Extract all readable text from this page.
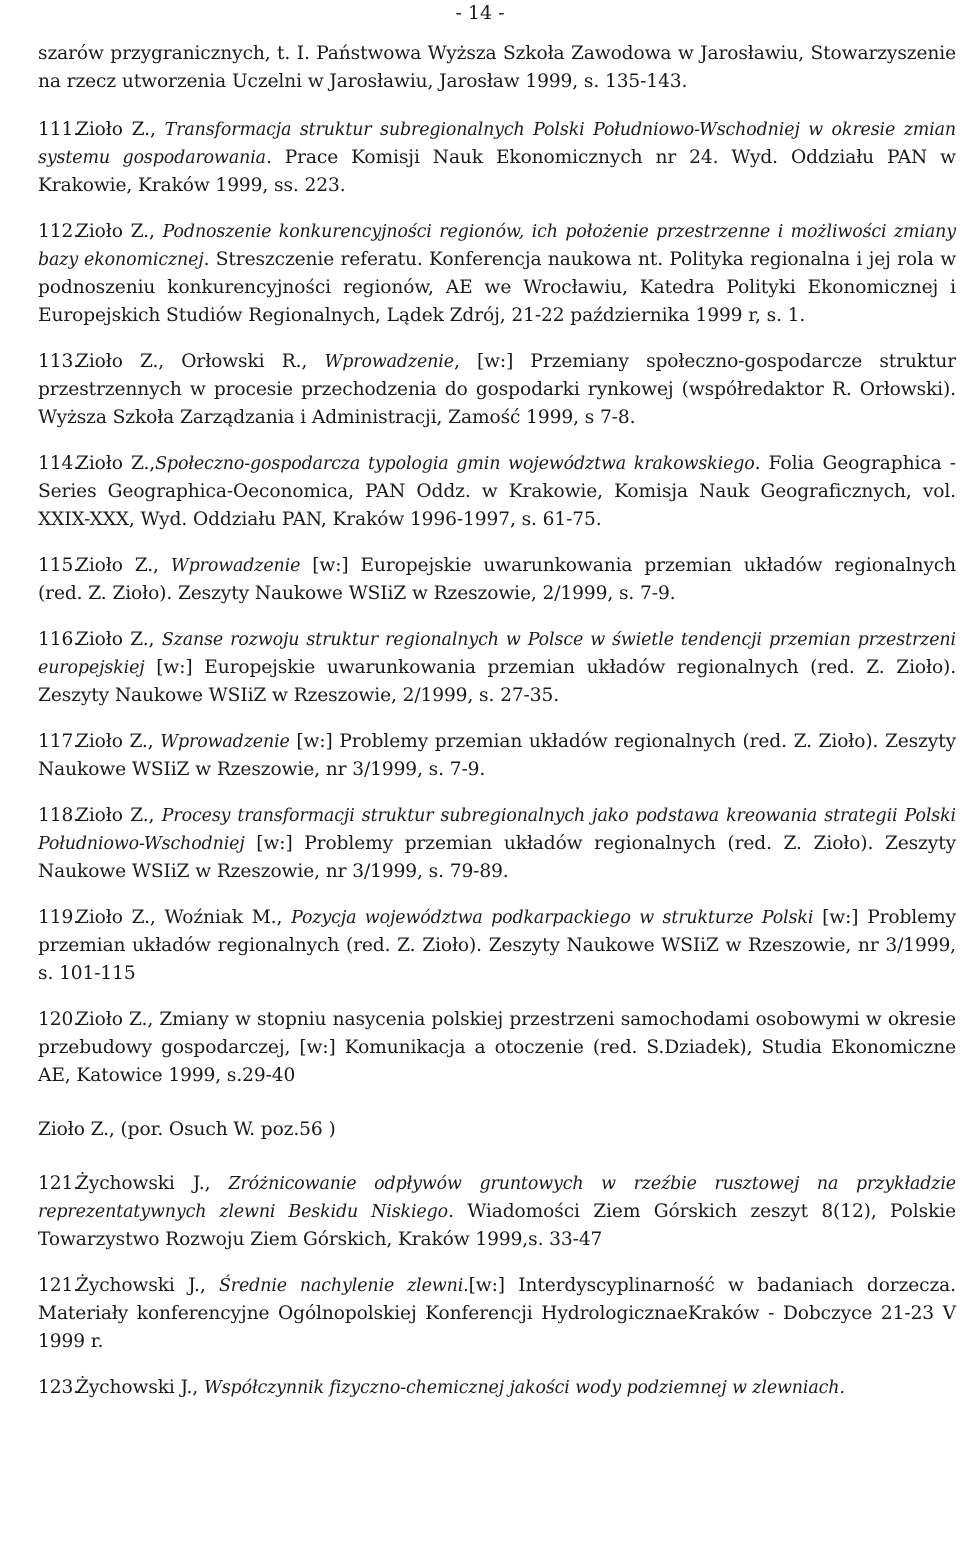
- 14 -

szarów przygranicznych, t. I. Państwowa Wyższa Szkoła Zawodowa w Jarosławiu, Stowarzyszenie na rzecz utworzenia Uczelni w Jarosławiu, Jarosław 1999, s. 135-143.

111.Zioło Z., Transformacja struktur subregionalnych Polski Południowo-Wschodniej w okresie zmian systemu gospodarowania. Prace Komisji Nauk Ekonomicznych nr 24. Wyd. Oddziału PAN w Krakowie, Kraków 1999, ss. 223.

112.Zioło Z., Podnoszenie konkurencyjności regionów, ich położenie przestrzenne i możliwości zmiany bazy ekonomicznej. Streszczenie referatu. Konferencja naukowa nt. Polityka regionalna i jej rola w podnoszeniu konkurencyjności regionów, AE we Wrocławiu, Katedra Polityki Ekonomicznej i Europejskich Studiów Regionalnych, Lądek Zdrój, 21-22 października 1999 r, s. 1.

113.Zioło Z., Orłowski R., Wprowadzenie, [w:] Przemiany społeczno-gospodarcze struktur przestrzennych w procesie przechodzenia do gospodarki rynkowej (współredaktor R. Orłowski). Wyższa Szkoła Zarządzania i Administracji, Zamość 1999, s 7-8.

114.Zioło Z.,Społeczno-gospodarcza typologia gmin województwa krakowskiego. Folia Geographica - Series Geographica-Oeconomica, PAN Oddz. w Krakowie, Komisja Nauk Geograficznych, vol. XXIX-XXX, Wyd. Oddziału PAN, Kraków 1996-1997, s. 61-75.

115.Zioło Z., Wprowadzenie [w:] Europejskie uwarunkowania przemian układów regionalnych (red. Z. Zioło). Zeszyty Naukowe WSIiZ w Rzeszowie, 2/1999, s. 7-9.

116.Zioło Z., Szanse rozwoju struktur regionalnych w Polsce w świetle tendencji przemian przestrzeni europejskiej [w:] Europejskie uwarunkowania przemian układów regionalnych (red. Z. Zioło). Zeszyty Naukowe WSIiZ w Rzeszowie, 2/1999, s. 27-35.

117.Zioło Z., Wprowadzenie [w:] Problemy przemian układów regionalnych (red. Z. Zioło). Zeszyty Naukowe WSIiZ w Rzeszowie, nr 3/1999, s. 7-9.

118.Zioło Z., Procesy transformacji struktur subregionalnych jako podstawa kreowania strategii Polski Południowo-Wschodniej [w:] Problemy przemian układów regionalnych (red. Z. Zioło). Zeszyty Naukowe WSIiZ w Rzeszowie, nr 3/1999, s. 79-89.

119.Zioło Z., Woźniak M., Pozycja województwa podkarpackiego w strukturze Polski [w:] Problemy przemian układów regionalnych (red. Z. Zioło). Zeszyty Naukowe WSIiZ w Rzeszowie, nr 3/1999, s. 101-115

120.Zioło Z., Zmiany w stopniu nasycenia polskiej przestrzeni samochodami osobowymi w okresie przebudowy gospodarczej, [w:] Komunikacja a otoczenie (red. S.Dziadek), Studia Ekonomiczne AE, Katowice 1999, s.29-40

Zioło Z., (por. Osuch W. poz.56 )

121.Żychowski J., Zróżnicowanie odpływów gruntowych w rzeźbie rusztowej na przykładzie reprezentatywnych zlewni Beskidu Niskiego. Wiadomości Ziem Górskich zeszyt 8(12), Polskie Towarzystwo Rozwoju Ziem Górskich, Kraków 1999,s. 33-47

121.Żychowski J., Średnie nachylenie zlewni.[w:] Interdyscyplinarność w badaniach dorzecza. Materiały konferencyjne Ogólnopolskiej Konferencji HydrologicznaeKraków - Dobczyce 21-23 V 1999 r.

123.Żychowski J., Współczynnik fizyczno-chemicznej jakości wody podziemnej w zlewniach.
